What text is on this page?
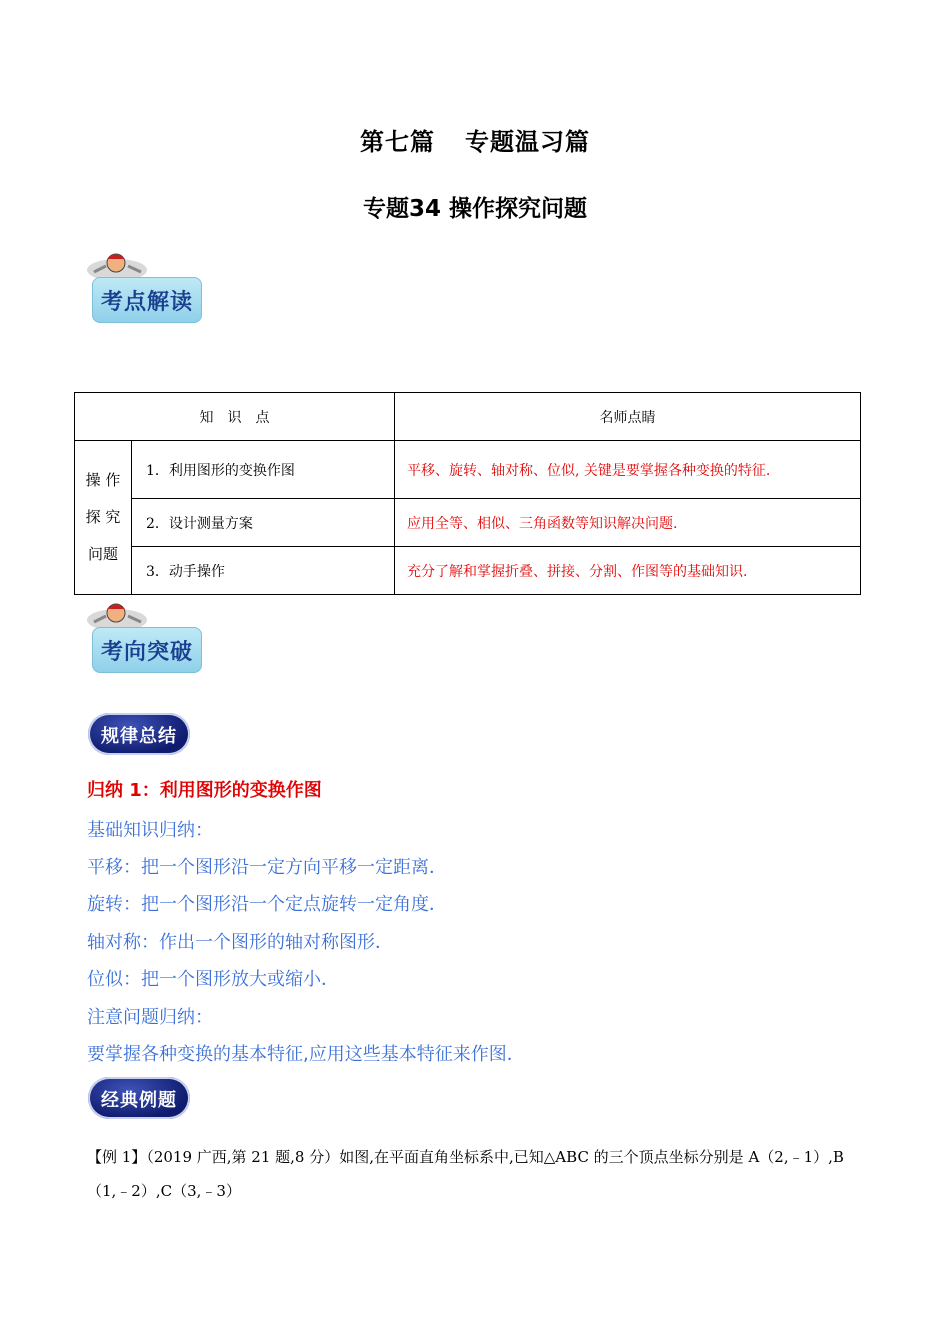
第七篇 专题温习篇
专题34 操作探究问题
考点解读
知　识　点		名师点睛

操 作
探 究
问题	1．利用图形的变换作图	平移、旋转、轴对称、位似, 关键是要掌握各种变换的特征.
	2．设计测量方案	应用全等、相似、三角函数等知识解决问题.
	3．动手操作	充分了解和掌握折叠、拼接、分割、作图等的基础知识.
考向突破
规律总结
归纳 1：利用图形的变换作图
基础知识归纳：
平移：把一个图形沿一定方向平移一定距离．
旋转：把一个图形沿一个定点旋转一定角度．
轴对称：作出一个图形的轴对称图形．
位似：把一个图形放大或缩小．
注意问题归纳：
要掌握各种变换的基本特征,应用这些基本特征来作图．
经典例题
【例 1】（2019 广西,第 21 题,8 分）如图,在平面直角坐标系中,已知△ABC 的三个顶点坐标分别是 A（2,﹣1）,B（1,﹣2）,C（3,﹣3）
